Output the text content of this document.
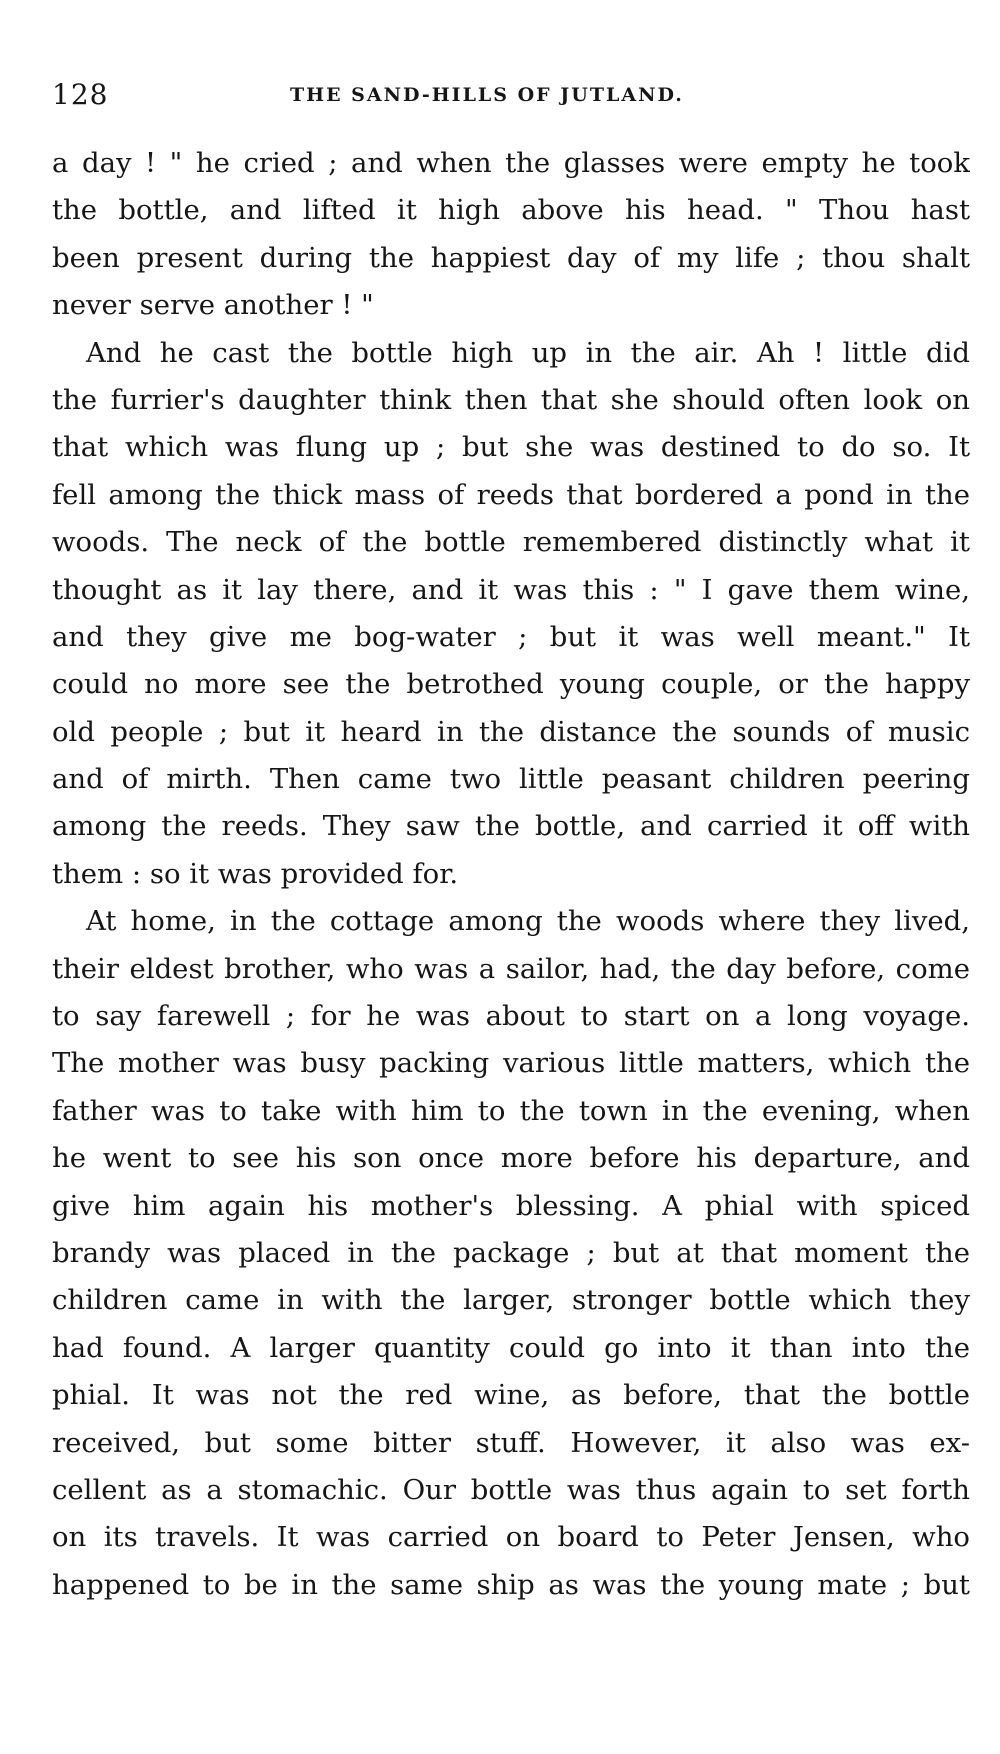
128	THE SAND-HILLS OF JUTLAND.
a day ! " he cried ; and when the glasses were empty he took
the bottle, and lifted it high above his head. " Thou hast
been present during the happiest day of my life ; thou shalt
never serve another ! "
And he cast the bottle high up in the air. Ah ! little did
the furrier's daughter think then that she should often look on
that which was flung up ; but she was destined to do so. It
fell among the thick mass of reeds that bordered a pond in the
woods. The neck of the bottle remembered distinctly what it
thought as it lay there, and it was this : " I gave them wine,
and they give me bog-water ; but it was well meant." It
could no more see the betrothed young couple, or the happy
old people ; but it heard in the distance the sounds of music
and of mirth. Then came two little peasant children peering
among the reeds. They saw the bottle, and carried it off with
them : so it was provided for.
At home, in the cottage among the woods where they lived,
their eldest brother, who was a sailor, had, the day before, come
to say farewell ; for he was about to start on a long voyage.
The mother was busy packing various little matters, which the
father was to take with him to the town in the evening, when
he went to see his son once more before his departure, and
give him again his mother's blessing. A phial with spiced
brandy was placed in the package ; but at that moment the
children came in with the larger, stronger bottle which they
had found. A larger quantity could go into it than into the
phial. It was not the red wine, as before, that the bottle
received, but some bitter stuff. However, it also was ex-
cellent as a stomachic. Our bottle was thus again to set forth
on its travels. It was carried on board to Peter Jensen, who
happened to be in the same ship as was the young mate ; but
